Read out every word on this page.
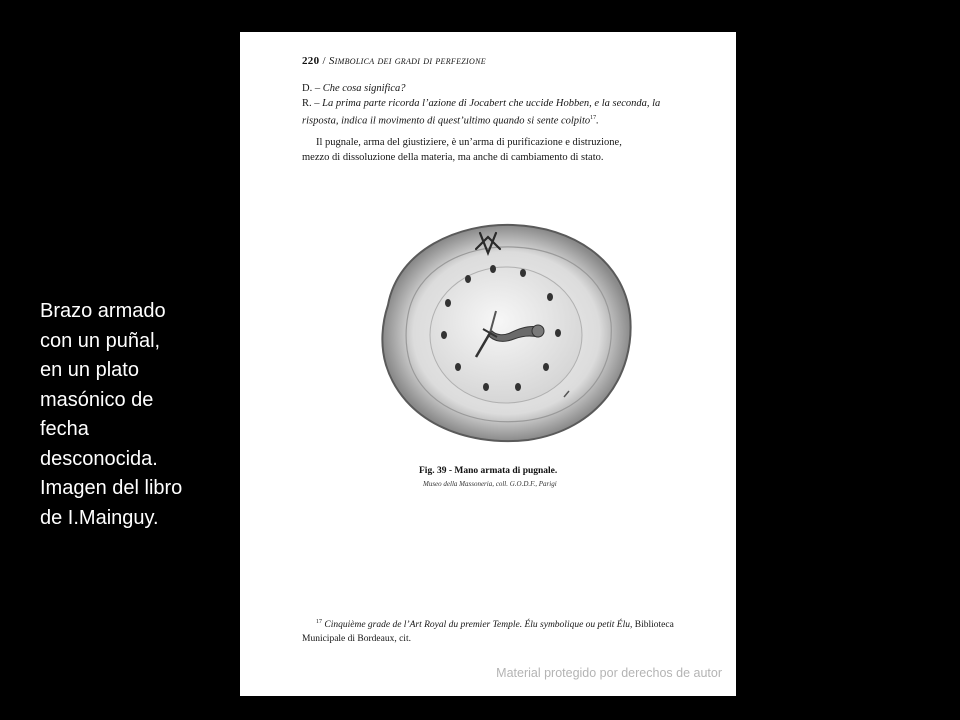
Brazo armado
con un puñal,
en un plato
masónico de
fecha
desconocida.
Imagen del libro
de I.Mainguy.
220 / Simbolica dei gradi di perfezione
D. – Che cosa significa?
R. – La prima parte ricorda l’azione di Jocabert che uccide Hobben, e la seconda, la
risposta, indica il movimento di quest’ultimo quando si sente colpito$^{17}$.
Il pugnale, arma del giustiziere, è un’arma di purificazione e distruzione,
mezzo di dissoluzione della materia, ma anche di cambiamento di stato.
Fig. 39 - Mano armata di pugnale.
Museo della Massoneria, coll. G.O.D.F., Parigi
$^{17}$ Cinquième grade de l’Art Royal du premier Temple. Élu symbolique ou petit Élu, Biblioteca
Municipale di Bordeaux, cit.
Material protegido por derechos de autor
